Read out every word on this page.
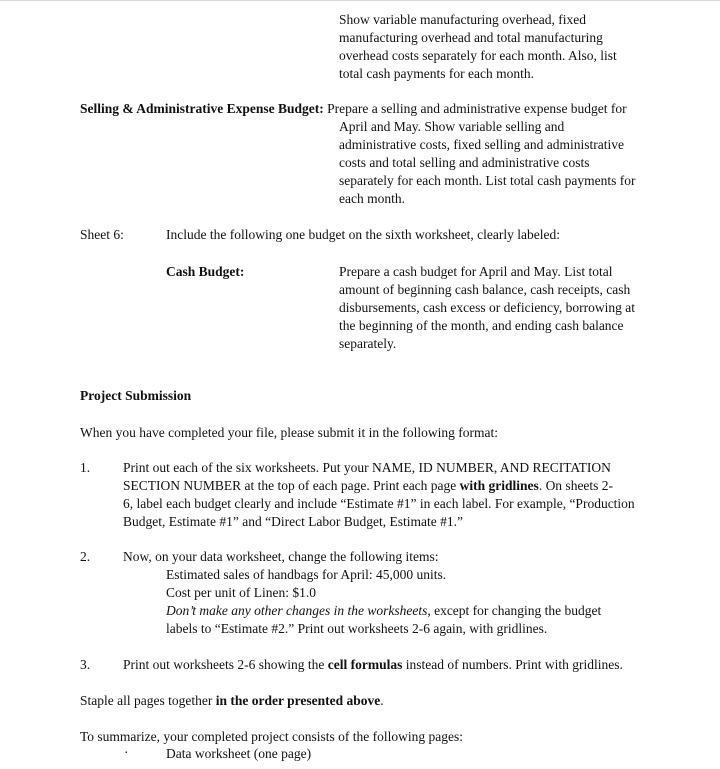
Show variable manufacturing overhead, fixed
manufacturing overhead and total manufacturing
overhead costs separately for each month. Also, list
total cash payments for each month.
Selling & Administrative Expense Budget: Prepare a selling and administrative expense budget for
April and May. Show variable selling and
administrative costs, fixed selling and administrative
costs and total selling and administrative costs
separately for each month. List total cash payments for
each month.
Sheet 6:	Include the following one budget on the sixth worksheet, clearly labeled:
Cash Budget:	Prepare a cash budget for April and May. List total
amount of beginning cash balance, cash receipts, cash
disbursements, cash excess or deficiency, borrowing at
the beginning of the month, and ending cash balance
separately.
Project Submission
When you have completed your file, please submit it in the following format:
1. Print out each of the six worksheets. Put your NAME, ID NUMBER, AND RECITATION
SECTION NUMBER at the top of each page. Print each page with gridlines. On sheets 2-
6, label each budget clearly and include “Estimate #1” in each label. For example, “Production
Budget, Estimate #1” and “Direct Labor Budget, Estimate #1.”
2. Now, on your data worksheet, change the following items:
Estimated sales of handbags for April: 45,000 units.
Cost per unit of Linen: $1.0
Don’t make any other changes in the worksheets, except for changing the budget
labels to “Estimate #2.” Print out worksheets 2-6 again, with gridlines.
3. Print out worksheets 2-6 showing the cell formulas instead of numbers. Print with gridlines.
Staple all pages together in the order presented above.
To summarize, your completed project consists of the following pages:
·	Data worksheet (one page)
